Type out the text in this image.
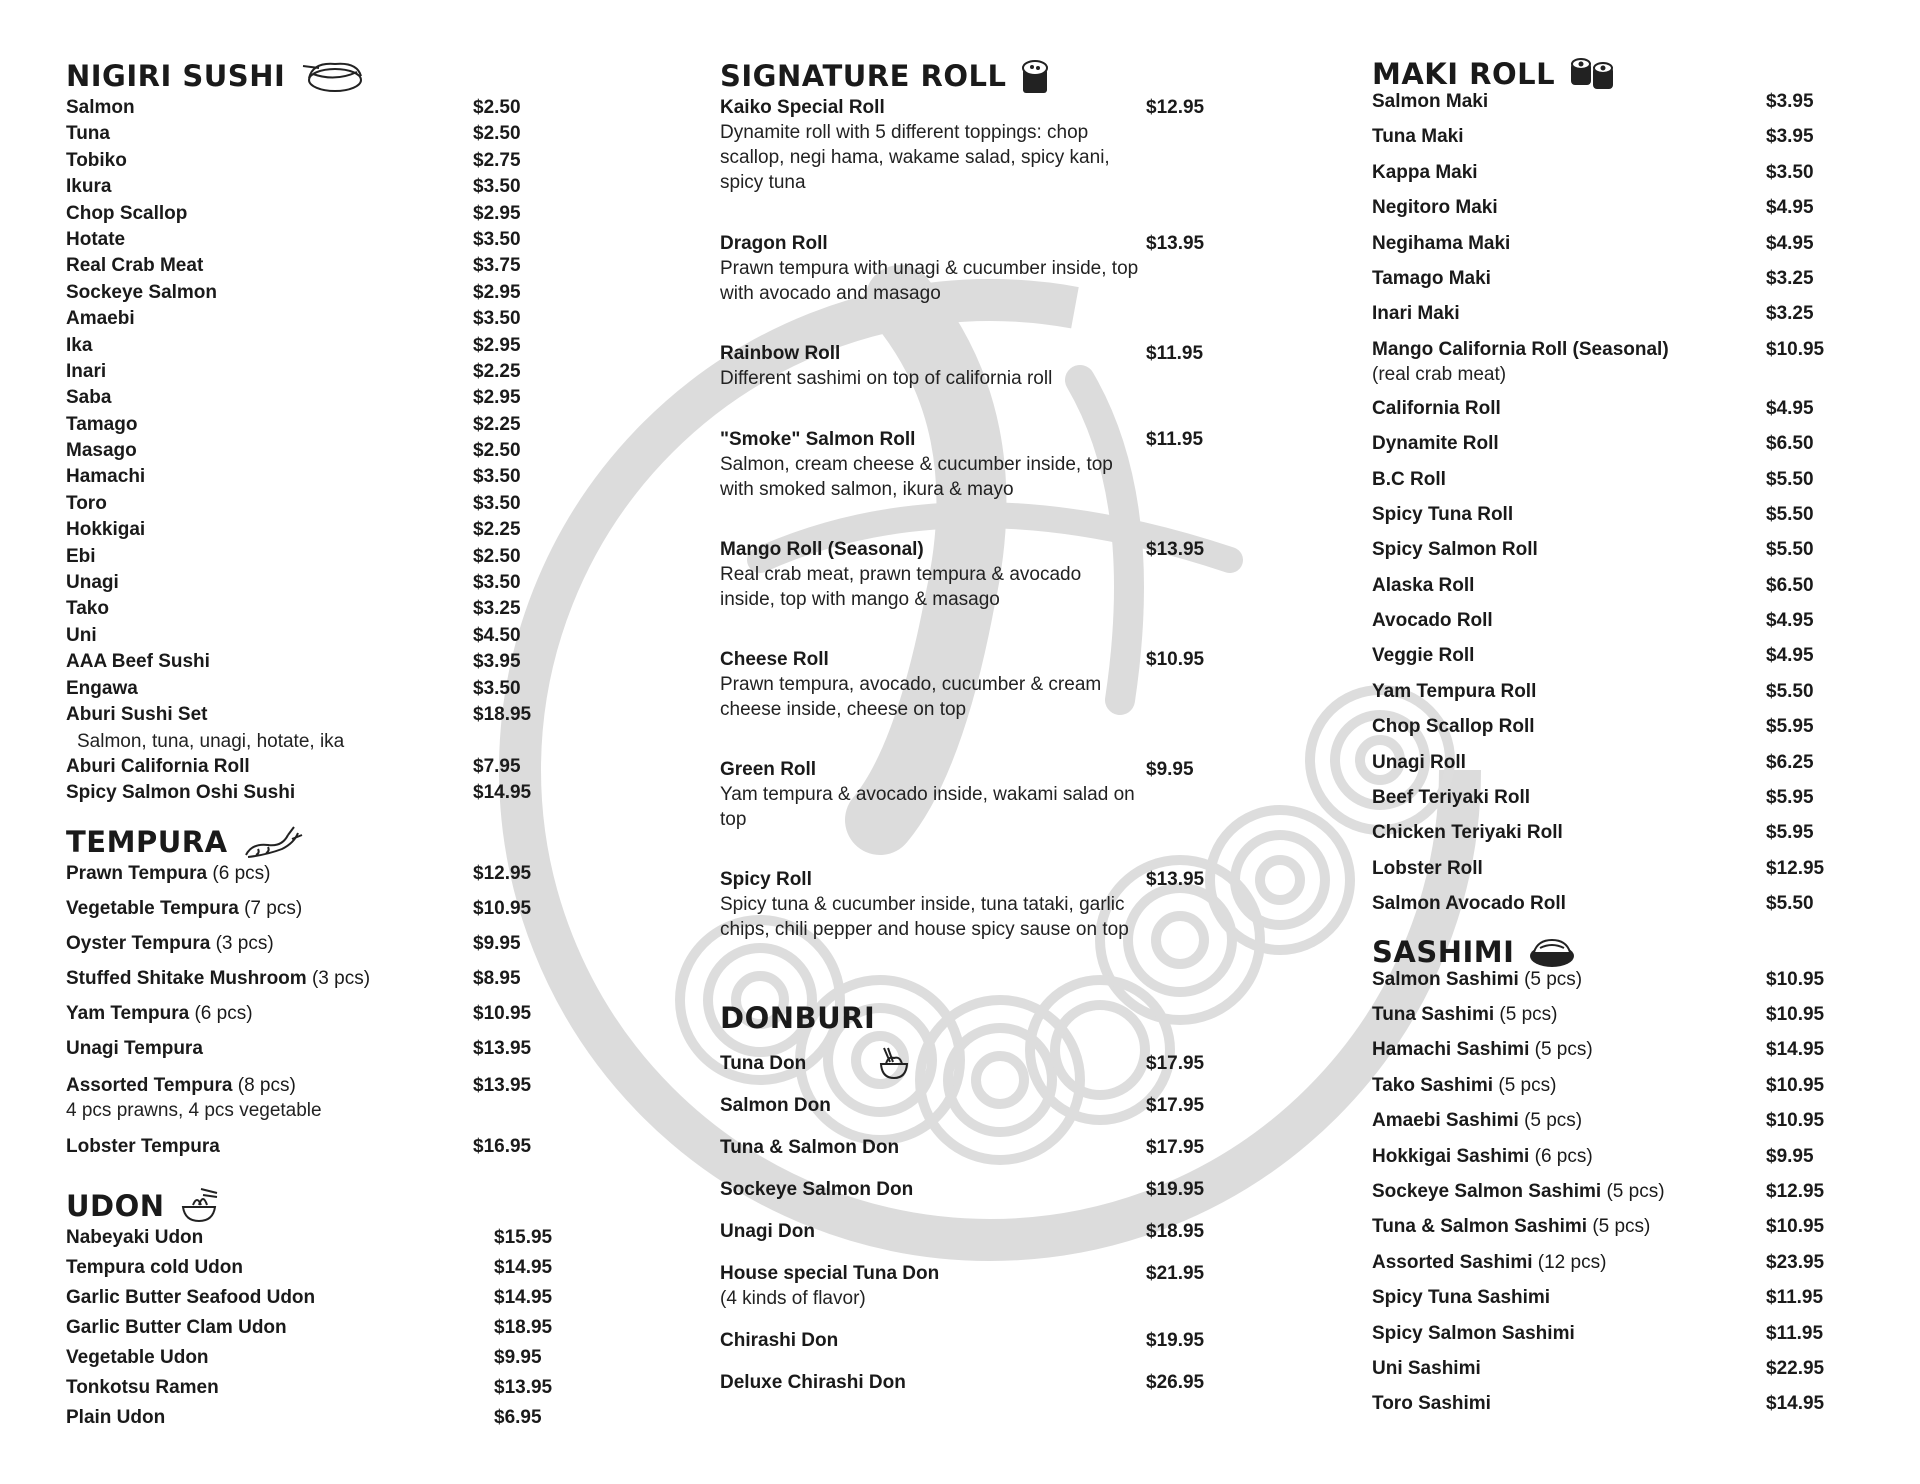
NIGIRI SUSHI
Salmon	$2.50
Tuna	$2.50
Tobiko	$2.75
Ikura	$3.50
Chop Scallop	$2.95
Hotate	$3.50
Real Crab Meat	$3.75
Sockeye Salmon	$2.95
Amaebi	$3.50
Ika	$2.95
Inari	$2.25
Saba	$2.95
Tamago	$2.25
Masago	$2.50
Hamachi	$3.50
Toro	$3.50
Hokkigai	$2.25
Ebi	$2.50
Unagi	$3.50
Tako	$3.25
Uni	$4.50
AAA Beef Sushi	$3.95
Engawa	$3.50
Aburi Sushi Set	$18.95
Salmon, tuna, unagi, hotate, ika
Aburi California Roll	$7.95
Spicy Salmon Oshi Sushi	$14.95
TEMPURA
Prawn Tempura (6 pcs)	$12.95
Vegetable Tempura (7 pcs)	$10.95
Oyster Tempura (3 pcs)	$9.95
Stuffed Shitake Mushroom (3 pcs)	$8.95
Yam Tempura (6 pcs)	$10.95
Unagi Tempura	$13.95
Assorted Tempura (8 pcs)	$13.95
4 pcs prawns, 4 pcs vegetable
Lobster Tempura	$16.95
UDON
Nabeyaki Udon	$15.95
Tempura cold Udon	$14.95
Garlic Butter Seafood Udon	$14.95
Garlic Butter Clam Udon	$18.95
Vegetable Udon	$9.95
Tonkotsu Ramen	$13.95
Plain Udon	$6.95
SIGNATURE ROLL
Kaiko Special Roll	$12.95
Dynamite roll with 5 different toppings: chop scallop, negi hama, wakame salad, spicy kani, spicy tuna
Dragon Roll	$13.95
Prawn tempura with unagi & cucumber inside, top with avocado and masago
Rainbow Roll	$11.95
Different sashimi on top of california roll
"Smoke" Salmon Roll	$11.95
Salmon, cream cheese & cucumber inside, top with smoked salmon, ikura & mayo
Mango Roll (Seasonal)	$13.95
Real crab meat, prawn tempura & avocado inside, top with mango & masago
Cheese Roll	$10.95
Prawn tempura, avocado, cucumber & cream cheese inside, cheese on top
Green Roll	$9.95
Yam tempura & avocado inside, wakami salad on top
Spicy Roll	$13.95
Spicy tuna & cucumber inside, tuna tataki, garlic chips, chili pepper and house spicy sause on top
DONBURI
Tuna Don	$17.95
Salmon Don	$17.95
Tuna & Salmon Don	$17.95
Sockeye Salmon Don	$19.95
Unagi Don	$18.95
House special Tuna Don	$21.95
(4 kinds of flavor)
Chirashi Don	$19.95
Deluxe Chirashi Don	$26.95
MAKI ROLL
Salmon Maki	$3.95
Tuna Maki	$3.95
Kappa Maki	$3.50
Negitoro Maki	$4.95
Negihama Maki	$4.95
Tamago Maki	$3.25
Inari Maki	$3.25
Mango California Roll (Seasonal)	$10.95
(real crab meat)
California Roll	$4.95
Dynamite Roll	$6.50
B.C Roll	$5.50
Spicy Tuna Roll	$5.50
Spicy Salmon Roll	$5.50
Alaska Roll	$6.50
Avocado Roll	$4.95
Veggie Roll	$4.95
Yam Tempura Roll	$5.50
Chop Scallop Roll	$5.95
Unagi Roll	$6.25
Beef Teriyaki Roll	$5.95
Chicken Teriyaki Roll	$5.95
Lobster Roll	$12.95
Salmon Avocado Roll	$5.50
SASHIMI
Salmon Sashimi (5 pcs)	$10.95
Tuna Sashimi (5 pcs)	$10.95
Hamachi Sashimi (5 pcs)	$14.95
Tako Sashimi (5 pcs)	$10.95
Amaebi Sashimi (5 pcs)	$10.95
Hokkigai Sashimi (6 pcs)	$9.95
Sockeye Salmon Sashimi (5 pcs)	$12.95
Tuna & Salmon Sashimi (5 pcs)	$10.95
Assorted Sashimi (12 pcs)	$23.95
Spicy Tuna Sashimi	$11.95
Spicy Salmon Sashimi	$11.95
Uni Sashimi	$22.95
Toro Sashimi	$14.95
